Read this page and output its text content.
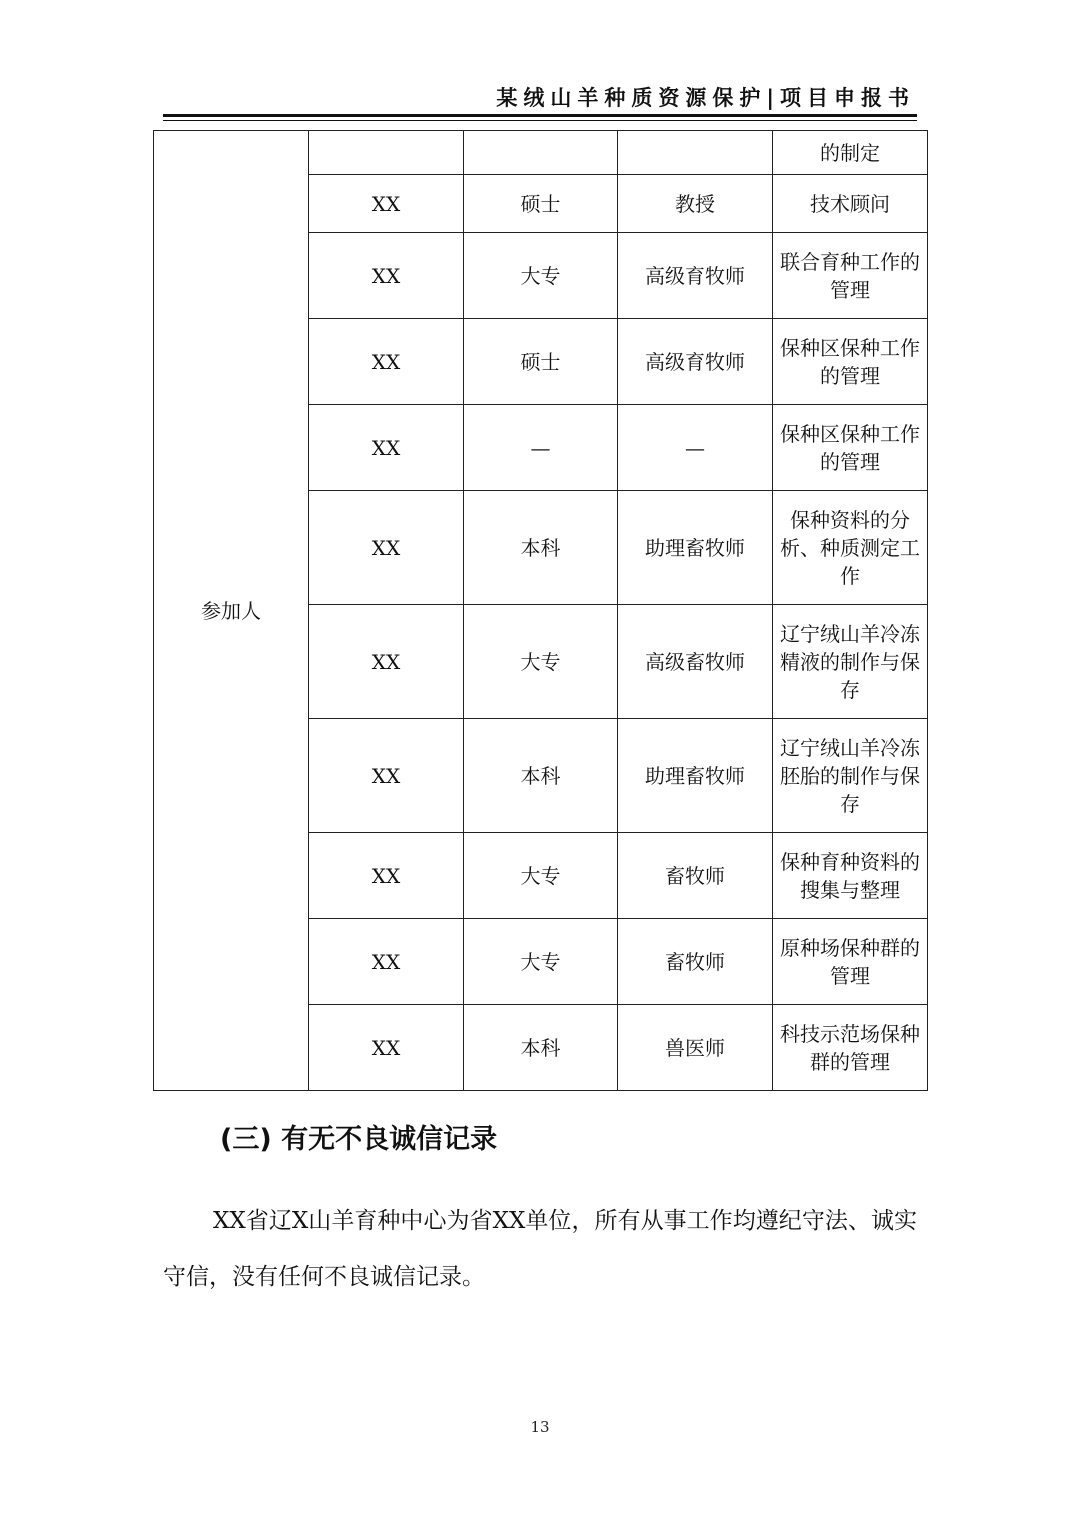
某绒山羊种质资源保护|项目申报书
参加人				的制定
	XX	硕士	教授	技术顾问
	XX	大专	高级育牧师	联合育种工作的管理
	XX	硕士	高级育牧师	保种区保种工作的管理
	XX	—	—	保种区保种工作的管理
	XX	本科	助理畜牧师	保种资料的分析、种质测定工作
	XX	大专	高级畜牧师	辽宁绒山羊冷冻精液的制作与保存
	XX	本科	助理畜牧师	辽宁绒山羊冷冻胚胎的制作与保存
	XX	大专	畜牧师	保种育种资料的搜集与整理
	XX	大专	畜牧师	原种场保种群的管理
	XX	本科	兽医师	科技示范场保种群的管理
(三) 有无不良诚信记录

XX省辽X山羊育种中心为省XX单位，所有从事工作均遵纪守法、诚实守信，没有任何不良诚信记录。

13
